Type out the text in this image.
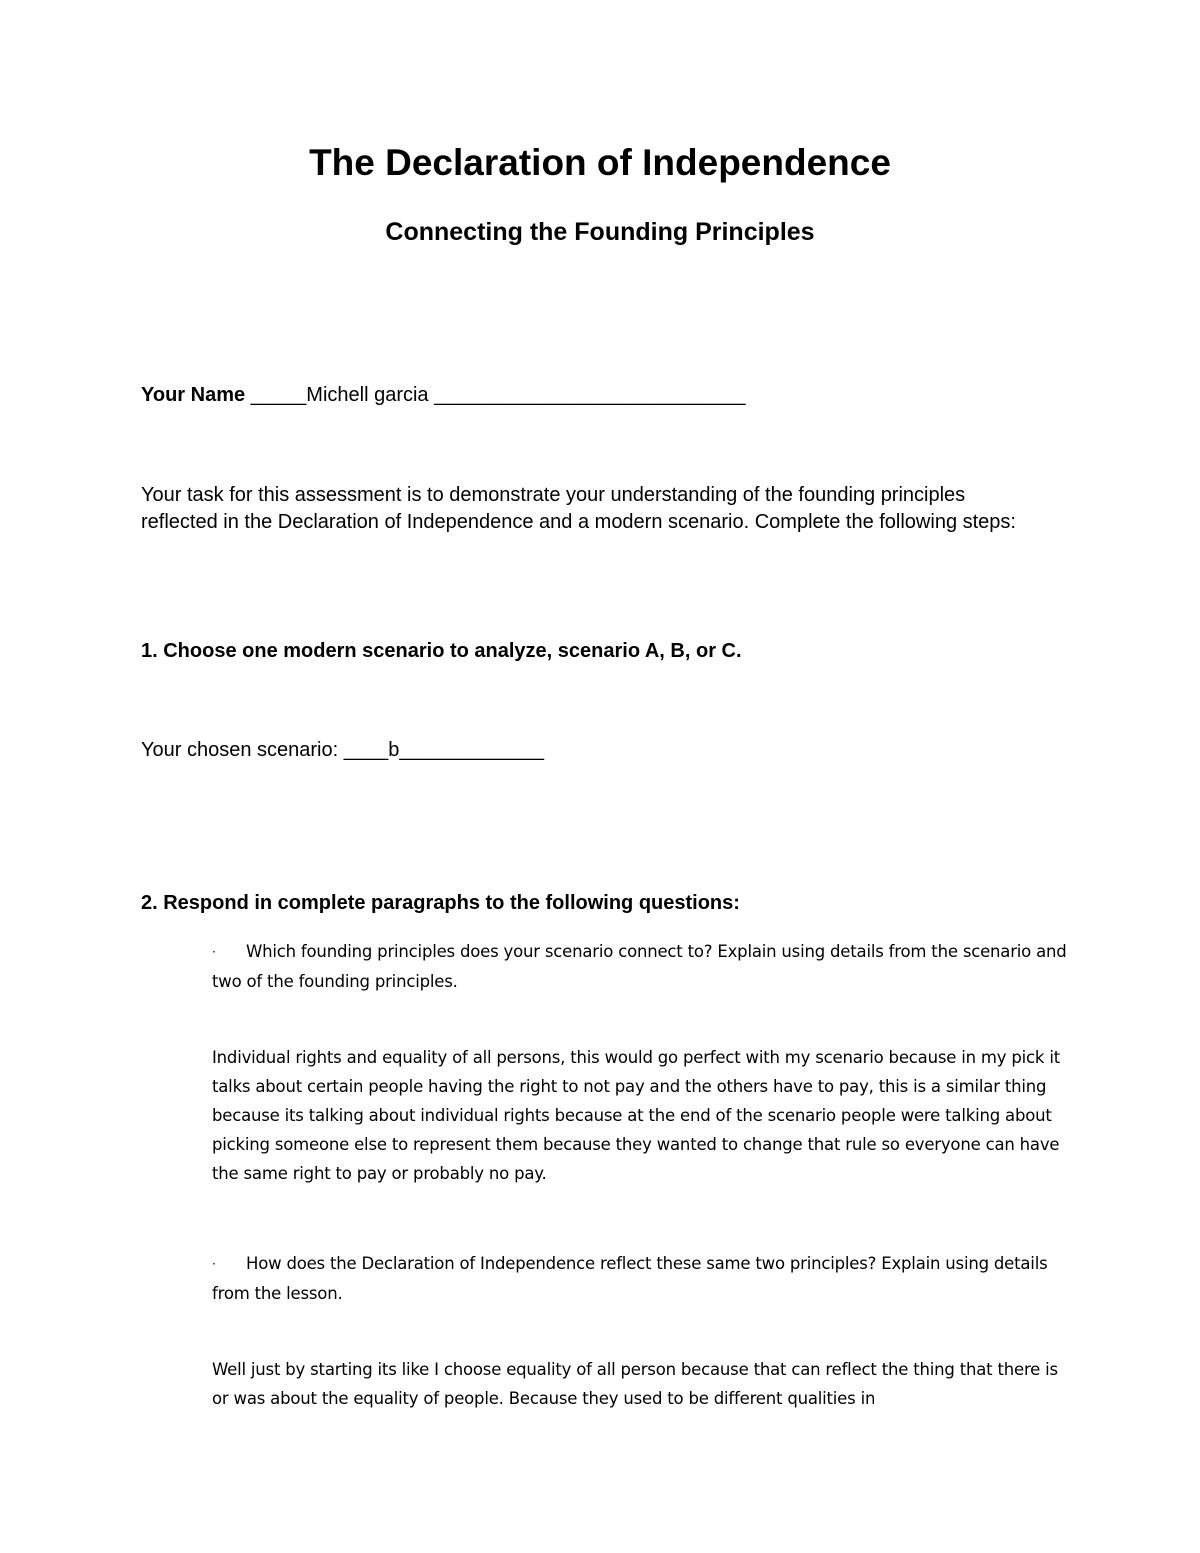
The Declaration of Independence
Connecting the Founding Principles
Your Name _____Michell garcia ____________________________

Your task for this assessment is to demonstrate your understanding of the founding principles reflected in the Declaration of Independence and a modern scenario. Complete the following steps:

1. Choose one modern scenario to analyze, scenario A, B, or C.
Your chosen scenario: ____b_____________
2. Respond in complete paragraphs to the following questions:

· Which founding principles does your scenario connect to? Explain using details from the scenario and two of the founding principles.

Individual rights and equality of all persons, this would go perfect with my scenario because in my pick it talks about certain people having the right to not pay and the others have to pay, this is a similar thing because its talking about individual rights because at the end of the scenario people were talking about picking someone else to represent them because they wanted to change that rule so everyone can have the same right to pay or probably no pay.

· How does the Declaration of Independence reflect these same two principles? Explain using details from the lesson.

Well just by starting its like I choose equality of all person because that can reflect the thing that there is or was about the equality of people. Because they used to be different qualities in
